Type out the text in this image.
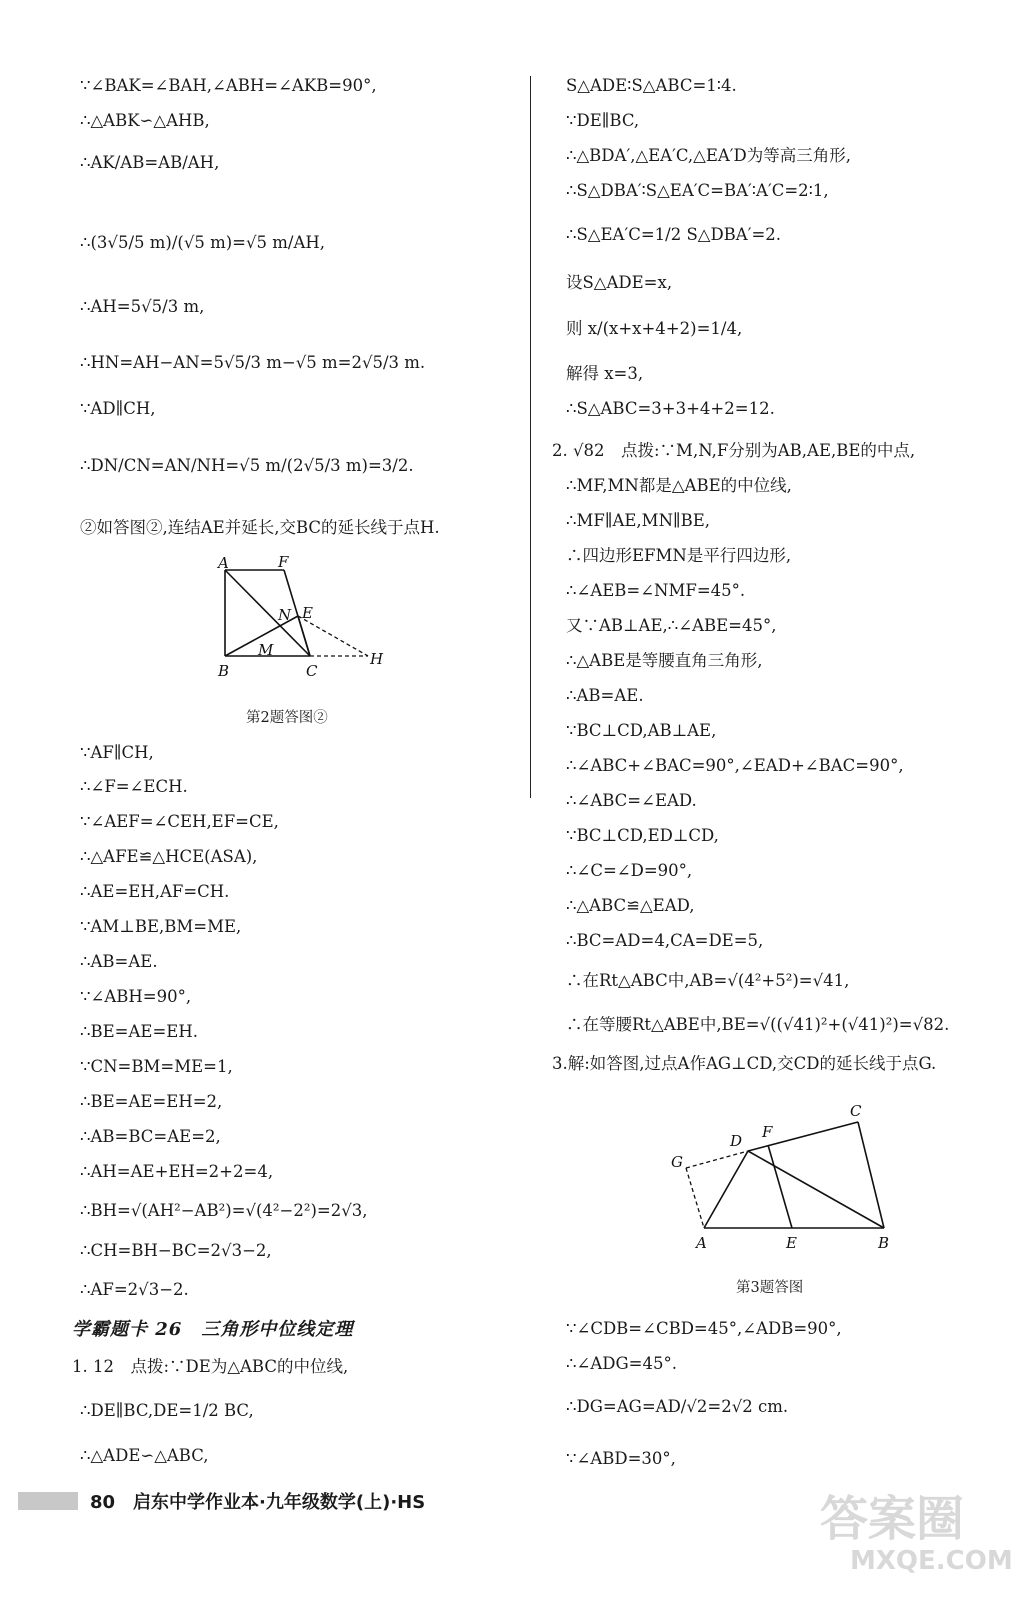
∵∠BAK=∠BAH,∠ABH=∠AKB=90°,
∴△ABK∽△AHB,
∴AK/AB=AB/AH,
∴(3√5/5 m)/(√5 m)=√5 m/AH,
∴AH=5√5/3 m,
∴HN=AH−AN=5√5/3 m−√5 m=2√5/3 m.
∵AD∥CH,
∴DN/CN=AN/NH=√5 m/(2√5/3 m)=3/2.
②如答图②,连结AE并延长,交BC的延长线于点H.
第2题答图②
∵AF∥CH,
∴∠F=∠ECH.
∵∠AEF=∠CEH,EF=CE,
∴△AFE≌△HCE(ASA),
∴AE=EH,AF=CH.
∵AM⊥BE,BM=ME,
∴AB=AE.
∵∠ABH=90°,
∴BE=AE=EH.
∵CN=BM=ME=1,
∴BE=AE=EH=2,
∴AB=BC=AE=2,
∴AH=AE+EH=2+2=4,
∴BH=√(AH²−AB²)=√(4²−2²)=2√3,
∴CH=BH−BC=2√3−2,
∴AF=2√3−2.
学霸题卡 26　三角形中位线定理
1. 12　点拨:∵DE为△ABC的中位线,
∴DE∥BC,DE=1/2 BC,
∴△ADE∽△ABC,
A	F
N E
M
B	C
H
S△ADE∶S△ABC=1∶4.
∵DE∥BC,
∴△BDA′,△EA′C,△EA′D为等高三角形,
∴S△DBA′∶S△EA′C=BA′∶A′C=2∶1,
∴S△EA′C=1/2 S△DBA′=2.
设S△ADE=x,
则 x/(x+x+4+2)=1/4,
解得 x=3,
∴S△ABC=3+3+4+2=12.
2. √82　点拨:∵M,N,F分别为AB,AE,BE的中点,
∴MF,MN都是△ABE的中位线,
∴MF∥AE,MN∥BE,
∴四边形EFMN是平行四边形,
∴∠AEB=∠NMF=45°.
又∵AB⊥AE,∴∠ABE=45°,
∴△ABE是等腰直角三角形,
∴AB=AE.
∵BC⊥CD,AB⊥AE,
∴∠ABC+∠BAC=90°,∠EAD+∠BAC=90°,
∴∠ABC=∠EAD.
∵BC⊥CD,ED⊥CD,
∴∠C=∠D=90°,
∴△ABC≌△EAD,
∴BC=AD=4,CA=DE=5,
∴在Rt△ABC中,AB=√(4²+5²)=√41,
∴在等腰Rt△ABE中,BE=√((√41)²+(√41)²)=√82.
3.解:如答图,过点A作AG⊥CD,交CD的延长线于点G.
第3题答图
∵∠CDB=∠CBD=45°,∠ADB=90°,
∴∠ADG=45°.
∴DG=AG=AD/√2=2√2 cm.
∵∠ABD=30°,
C
D F
G
A	E	B
80　启东中学作业本·九年级数学(上)·HS	答案圈
MXQE.COM
